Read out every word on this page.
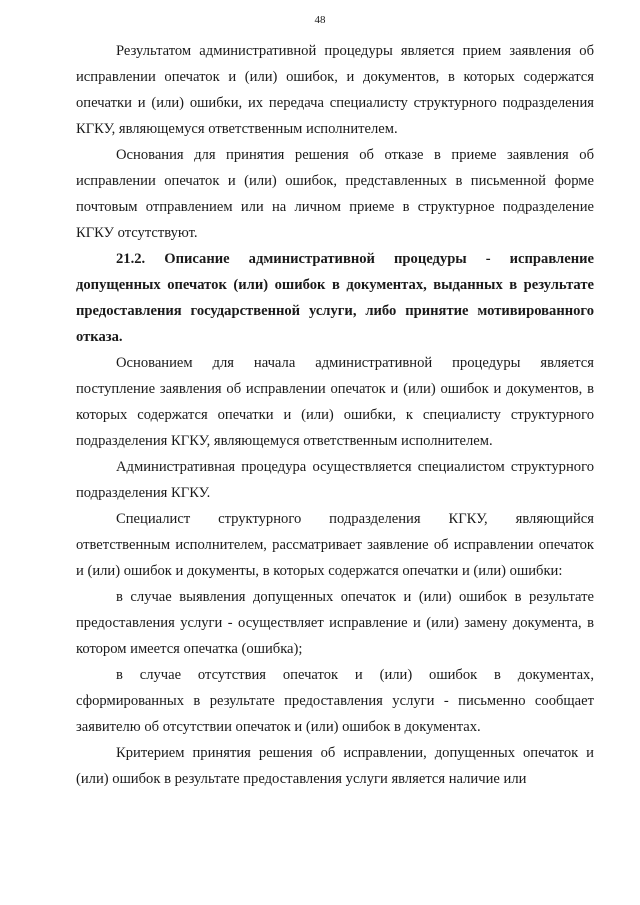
48

Результатом административной процедуры является прием заявления об исправлении опечаток и (или) ошибок, и документов, в которых содержатся опечатки и (или) ошибки, их передача специалисту структурного подразделения КГКУ, являющемуся ответственным исполнителем.

Основания для принятия решения об отказе в приеме заявления об исправлении опечаток и (или) ошибок, представленных в письменной форме почтовым отправлением или на личном приеме в структурное подразделение КГКУ отсутствуют.

21.2. Описание административной процедуры - исправление допущенных опечаток (или) ошибок в документах, выданных в результате предоставления государственной услуги, либо принятие мотивированного отказа.

Основанием для начала административной процедуры является поступление заявления об исправлении опечаток и (или) ошибок и документов, в которых содержатся опечатки и (или) ошибки, к специалисту структурного подразделения КГКУ, являющемуся ответственным исполнителем.

Административная процедура осуществляется специалистом структурного подразделения КГКУ.

Специалист структурного подразделения КГКУ, являющийся ответственным исполнителем, рассматривает заявление об исправлении опечаток и (или) ошибок и документы, в которых содержатся опечатки и (или) ошибки:

в случае выявления допущенных опечаток и (или) ошибок в результате предоставления услуги - осуществляет исправление и (или) замену документа, в котором имеется опечатка (ошибка);

в случае отсутствия опечаток и (или) ошибок в документах, сформированных в результате предоставления услуги - письменно сообщает заявителю об отсутствии опечаток и (или) ошибок в документах.

Критерием принятия решения об исправлении, допущенных опечаток и (или) ошибок в результате предоставления услуги является наличие или
